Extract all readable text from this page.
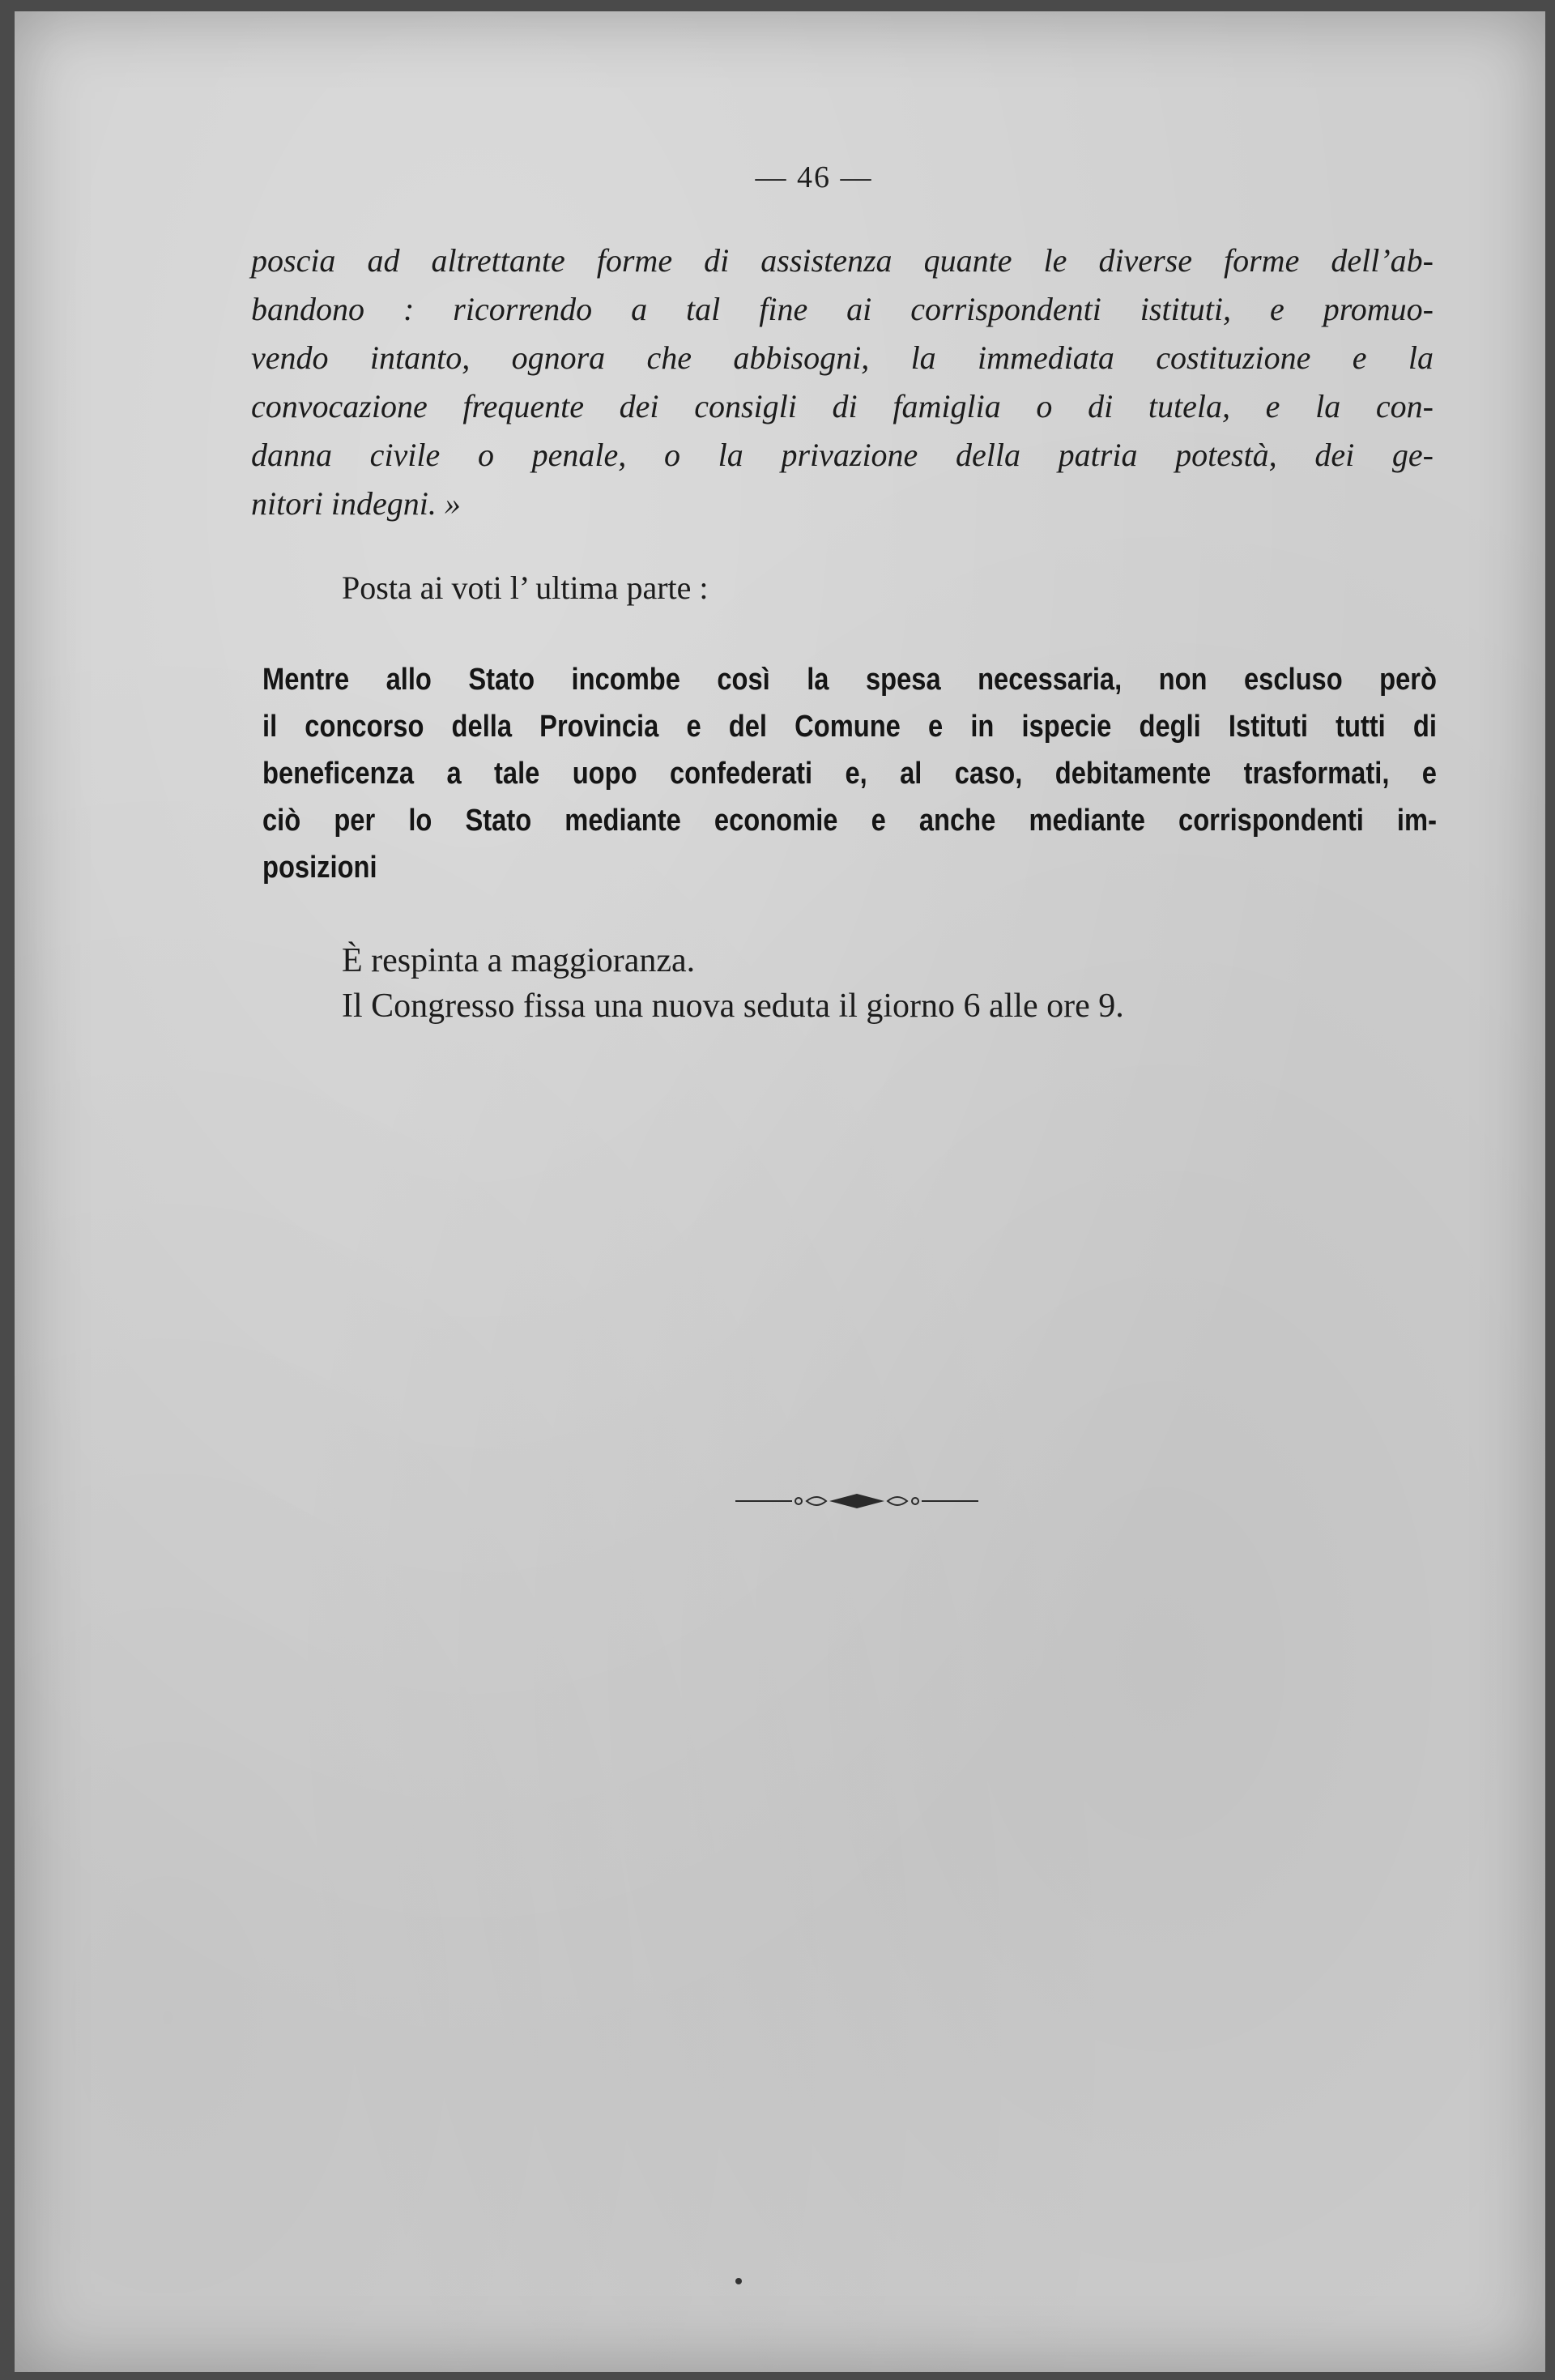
— 46 —
poscia ad altrettante forme di assistenza quante le diverse forme dell’ab-
bandono : ricorrendo a tal fine ai corrispondenti istituti, e promuo-
vendo intanto, ognora che abbisogni, la immediata costituzione e la
convocazione frequente dei consigli di famiglia o di tutela, e la con-
danna civile o penale, o la privazione della patria potestà, dei ge-
nitori indegni. »

Posta ai voti l’ ultima parte :

Mentre allo Stato incombe così la spesa necessaria, non escluso però
il concorso della Provincia e del Comune e in ispecie degli Istituti tutti di
beneficenza a tale uopo confederati e, al caso, debitamente trasformati, e
ciò per lo Stato mediante economie e anche mediante corrispondenti im-
posizioni

È respinta a maggioranza.

Il Congresso fissa una nuova seduta il giorno 6 alle ore 9.
